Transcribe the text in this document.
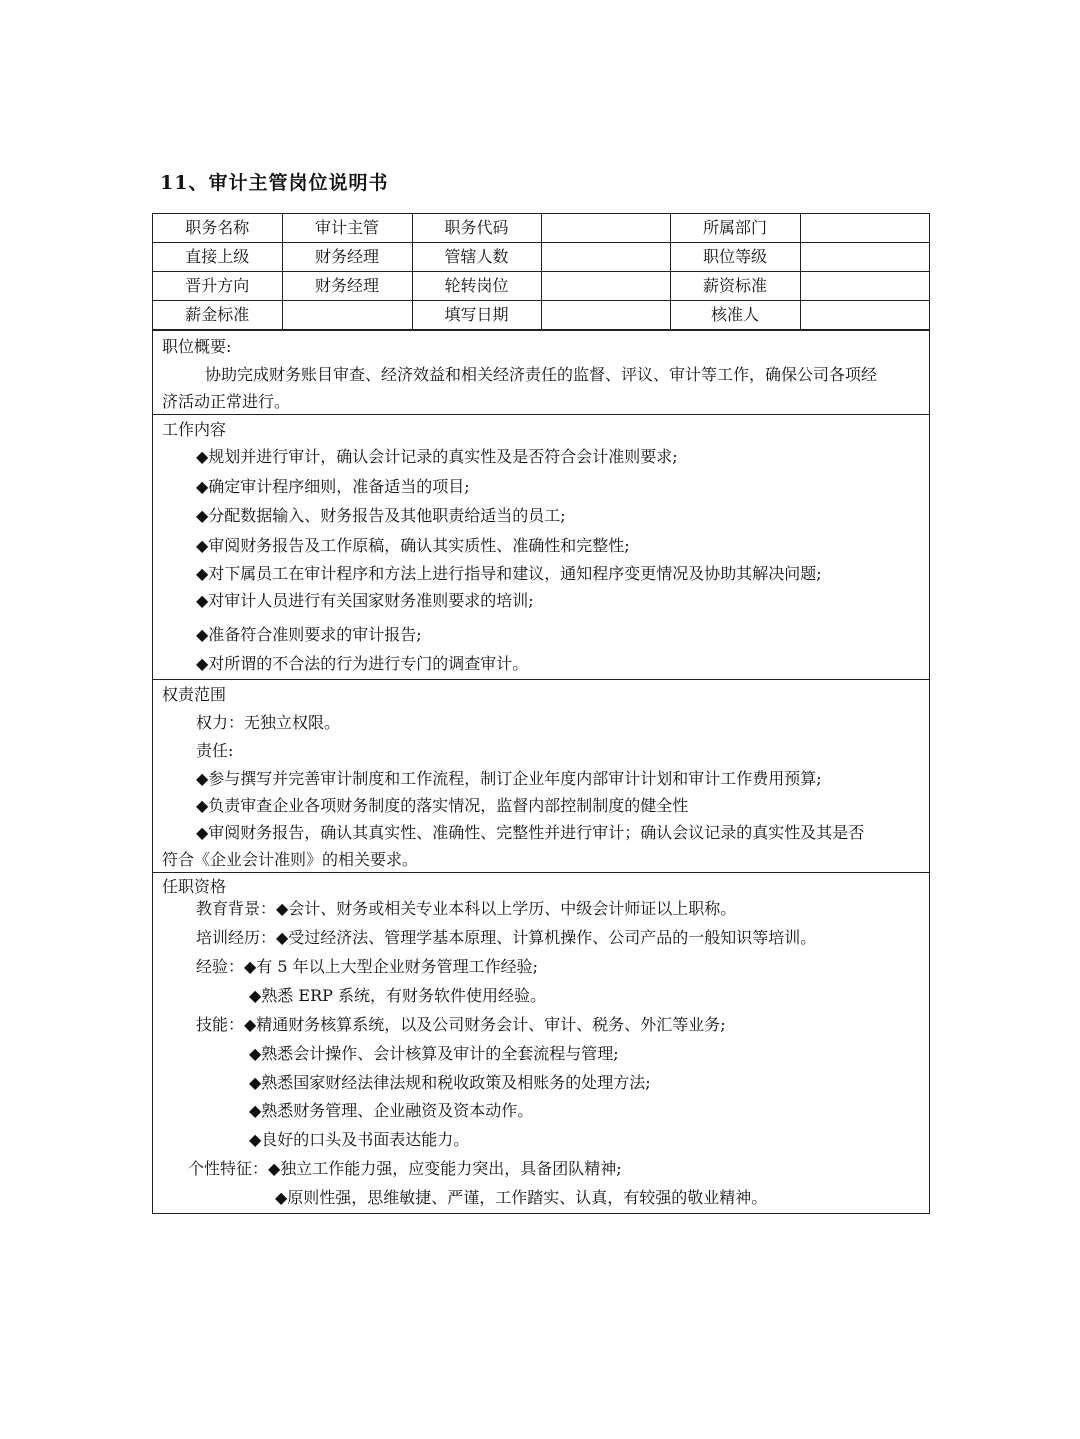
11、审计主管岗位说明书
职务名称	审计主管	职务代码		所属部门	
直接上级	财务经理	管辖人数		职位等级	
晋升方向	财务经理	轮转岗位		薪资标准	
薪金标准		填写日期		核准人	
职位概要:
协助完成财务账目审查、经济效益和相关经济责任的监督、评议、审计等工作，确保公司各项经
济活动正常进行。
工作内容
◆规划并进行审计，确认会计记录的真实性及是否符合会计准则要求;
◆确定审计程序细则，准备适当的项目;
◆分配数据输入、财务报告及其他职责给适当的员工;
◆审阅财务报告及工作原稿，确认其实质性、准确性和完整性;
◆对下属员工在审计程序和方法上进行指导和建议，通知程序变更情况及协助其解决问题;
◆对审计人员进行有关国家财务准则要求的培训;
◆准备符合准则要求的审计报告;
◆对所谓的不合法的行为进行专门的调查审计。
权责范围
权力：无独立权限。
责任:
◆参与撰写并完善审计制度和工作流程，制订企业年度内部审计计划和审计工作费用预算;
◆负责审查企业各项财务制度的落实情况，监督内部控制制度的健全性
◆审阅财务报告，确认其真实性、准确性、完整性并进行审计；确认会议记录的真实性及其是否
符合《企业会计准则》的相关要求。
任职资格
教育背景：◆会计、财务或相关专业本科以上学历、中级会计师证以上职称。
培训经历：◆受过经济法、管理学基本原理、计算机操作、公司产品的一般知识等培训。
经验：◆有 5 年以上大型企业财务管理工作经验;
◆熟悉 ERP 系统，有财务软件使用经验。
技能：◆精通财务核算系统，以及公司财务会计、审计、税务、外汇等业务;
◆熟悉会计操作、会计核算及审计的全套流程与管理;
◆熟悉国家财经法律法规和税收政策及相账务的处理方法;
◆熟悉财务管理、企业融资及资本动作。
◆良好的口头及书面表达能力。
个性特征：◆独立工作能力强，应变能力突出，具备团队精神;
◆原则性强，思维敏捷、严谨，工作踏实、认真，有较强的敬业精神。
